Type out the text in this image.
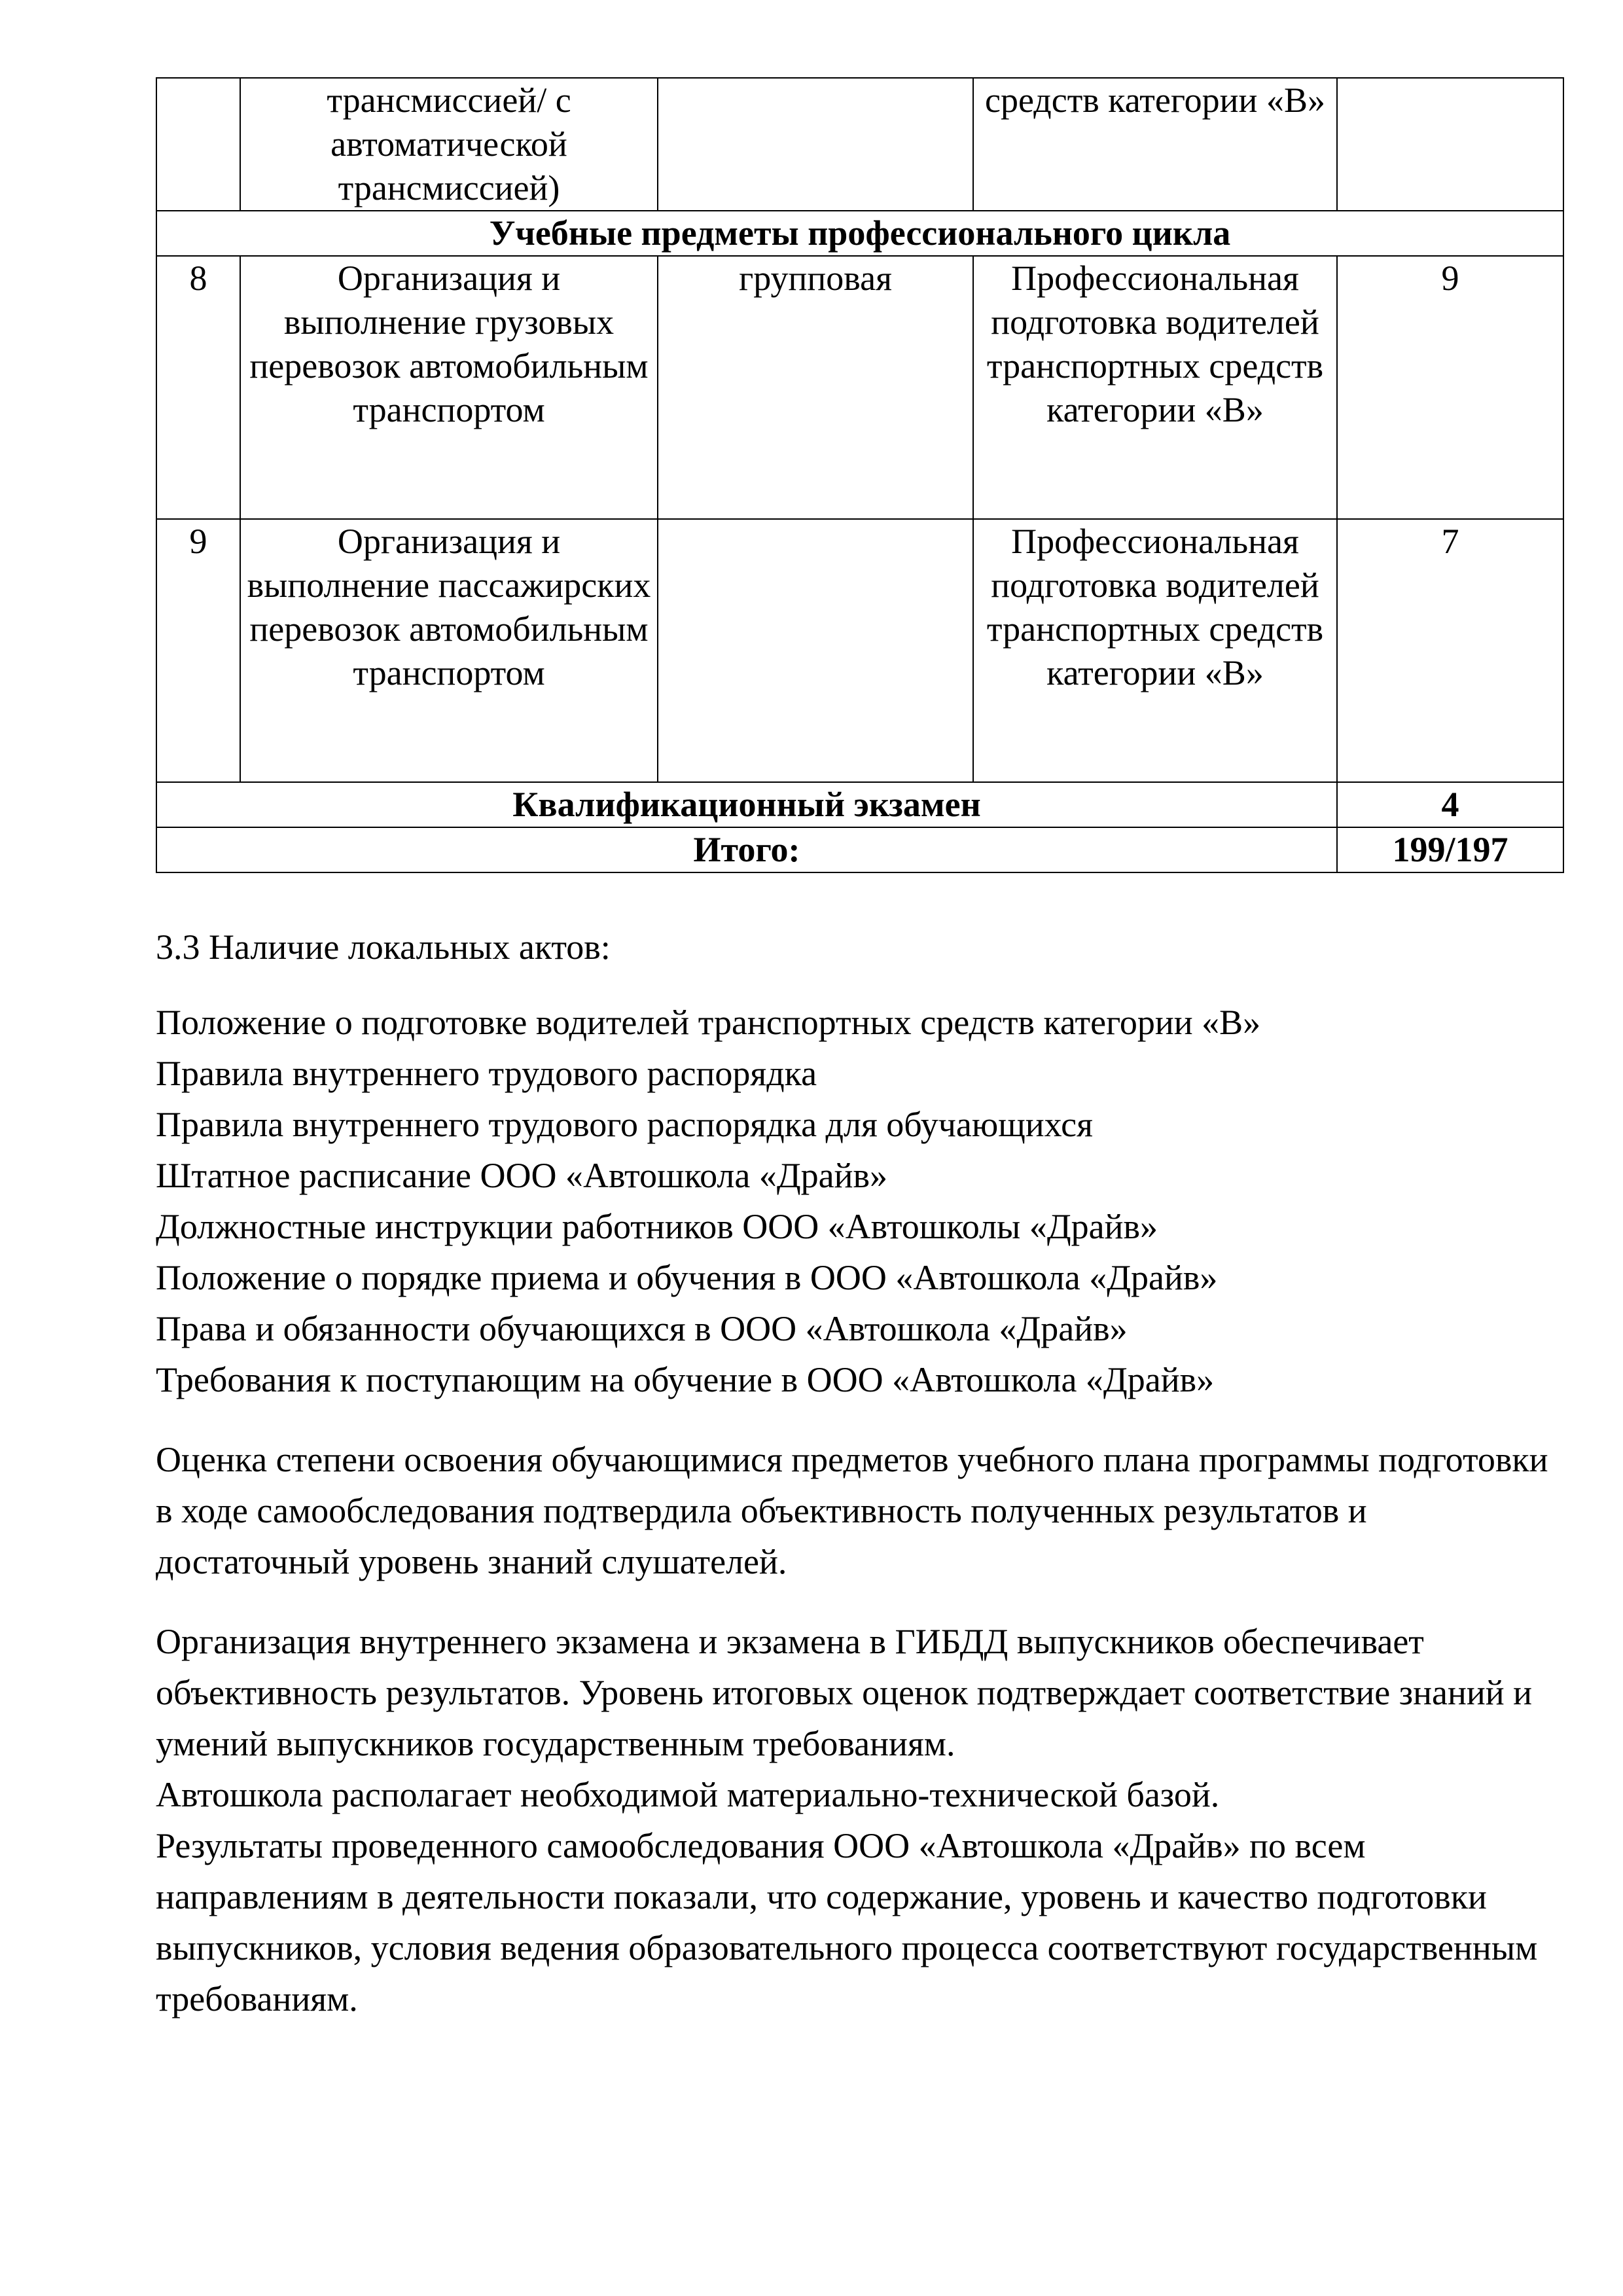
	трансмиссией/ с автоматической трансмиссией)		средств категории «В»	
Учебные предметы профессионального цикла				
8	Организация и выполнение грузовых перевозок автомобильным транспортом	групповая	Профессиональная подготовка водителей транспортных средств категории «В»	9
9	Организация и выполнение пассажирских перевозок автомобильным транспортом		Профессиональная подготовка водителей транспортных средств категории «В»	7
Квалификационный экзамен				4
Итого:				199/197
3.3 Наличие локальных актов:
Положение о подготовке водителей транспортных средств категории «В»
Правила внутреннего трудового распорядка
Правила внутреннего трудового распорядка для обучающихся
Штатное расписание ООО «Автошкола «Драйв»
Должностные инструкции работников ООО «Автошколы «Драйв»
Положение о порядке приема и обучения в ООО «Автошкола «Драйв»
Права и обязанности обучающихся в ООО «Автошкола «Драйв»
Требования к поступающим на обучение в ООО «Автошкола «Драйв»

Оценка степени освоения обучающимися предметов учебного плана программы подготовки в ходе самообследования подтвердила объективность полученных результатов и достаточный уровень знаний слушателей.

Организация внутреннего экзамена и экзамена в ГИБДД выпускников обеспечивает объективность результатов. Уровень итоговых оценок подтверждает соответствие знаний и умений выпускников государственным требованиям.

Автошкола располагает необходимой материально-технической базой.

Результаты проведенного самообследования ООО «Автошкола «Драйв» по всем направлениям в деятельности показали, что содержание, уровень и качество подготовки выпускников, условия ведения образовательного процесса соответствуют государственным требованиям.
